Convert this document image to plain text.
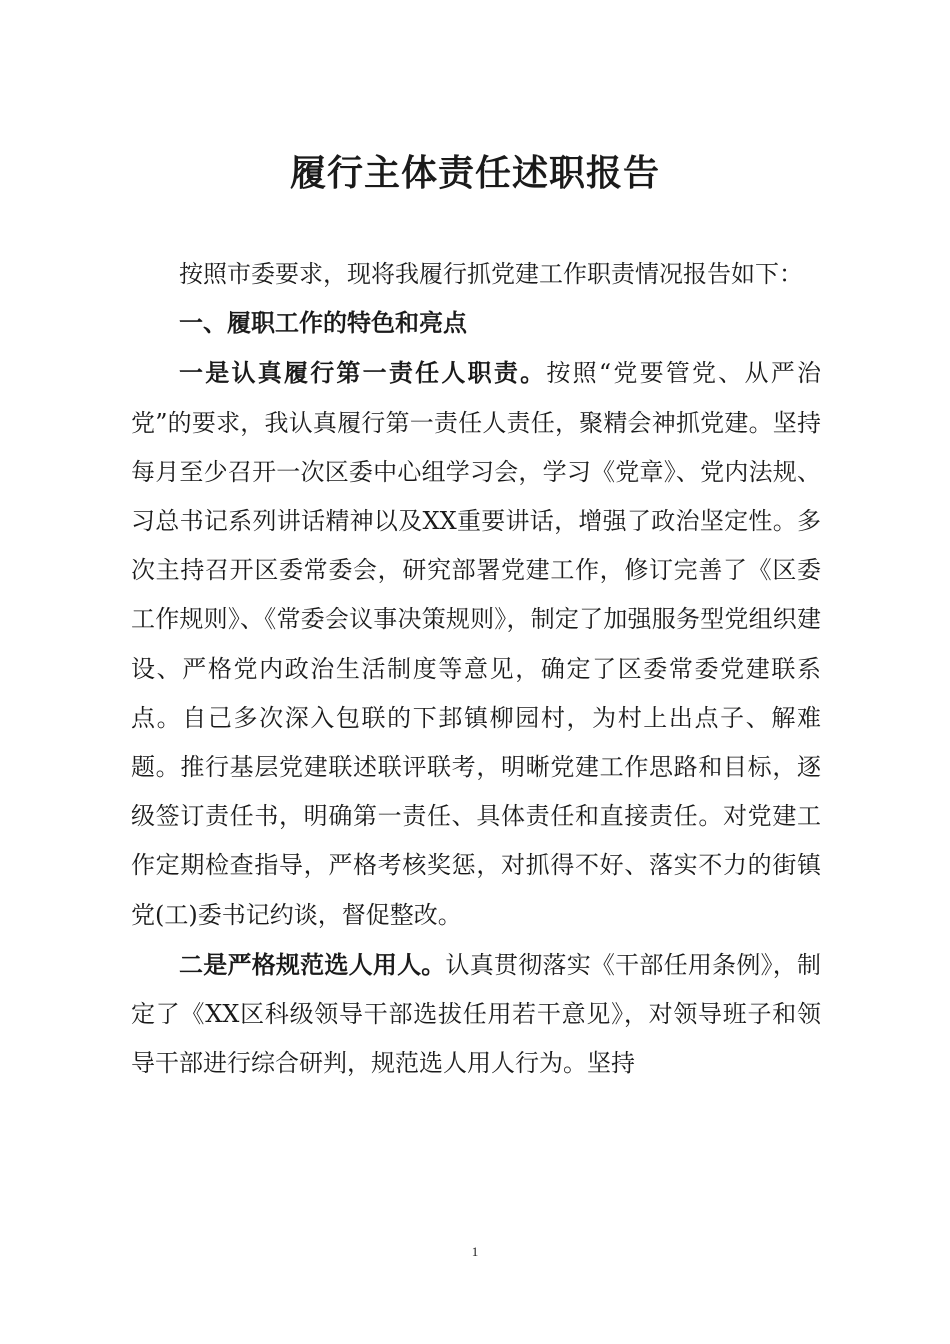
履行主体责任述职报告

按照市委要求，现将我履行抓党建工作职责情况报告如下：

一、履职工作的特色和亮点

一是认真履行第一责任人职责。按照“党要管党、从严治党”的要求，我认真履行第一责任人责任，聚精会神抓党建。坚持每月至少召开一次区委中心组学习会，学习《党章》、党内法规、习总书记系列讲话精神以及XX重要讲话，增强了政治坚定性。多次主持召开区委常委会，研究部署党建工作，修订完善了《区委工作规则》、《常委会议事决策规则》，制定了加强服务型党组织建设、严格党内政治生活制度等意见，确定了区委常委党建联系点。自己多次深入包联的下邽镇柳园村，为村上出点子、解难题。推行基层党建联述联评联考，明晰党建工作思路和目标，逐级签订责任书，明确第一责任、具体责任和直接责任。对党建工作定期检查指导，严格考核奖惩，对抓得不好、落实不力的街镇党(工)委书记约谈，督促整改。

二是严格规范选人用人。认真贯彻落实《干部任用条例》，制定了《XX区科级领导干部选拔任用若干意见》，对领导班子和领导干部进行综合研判，规范选人用人行为。坚持

1
